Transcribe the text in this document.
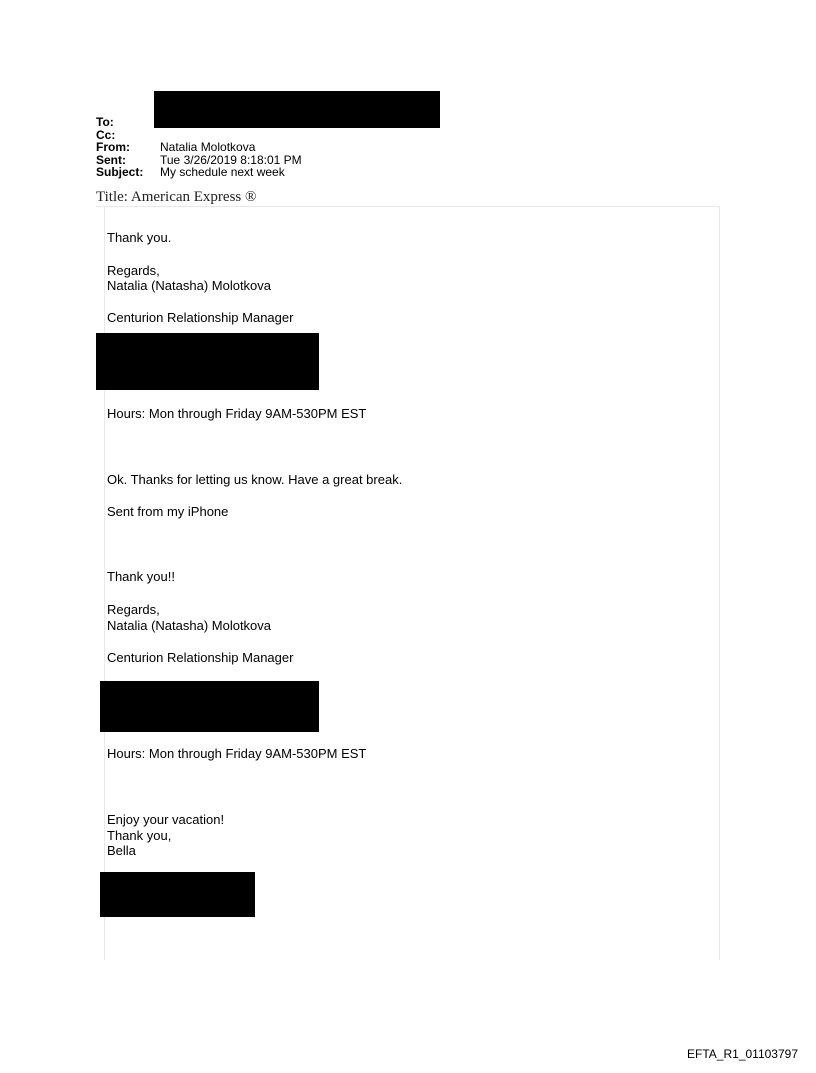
To:
Cc:
From:	Natalia Molotkova
Sent:	Tue 3/26/2019 8:18:01 PM
Subject:	My schedule next week
Title: American Express ®
Thank you.
Regards,
Natalia (Natasha) Molotkova
Centurion Relationship Manager
Hours: Mon through Friday 9AM-530PM EST
Ok. Thanks for letting us know. Have a great break.
Sent from my iPhone
Thank you!!
Regards,
Natalia (Natasha) Molotkova
Centurion Relationship Manager
Hours: Mon through Friday 9AM-530PM EST
Enjoy your vacation!
Thank you,
Bella
EFTA_R1_01103797
